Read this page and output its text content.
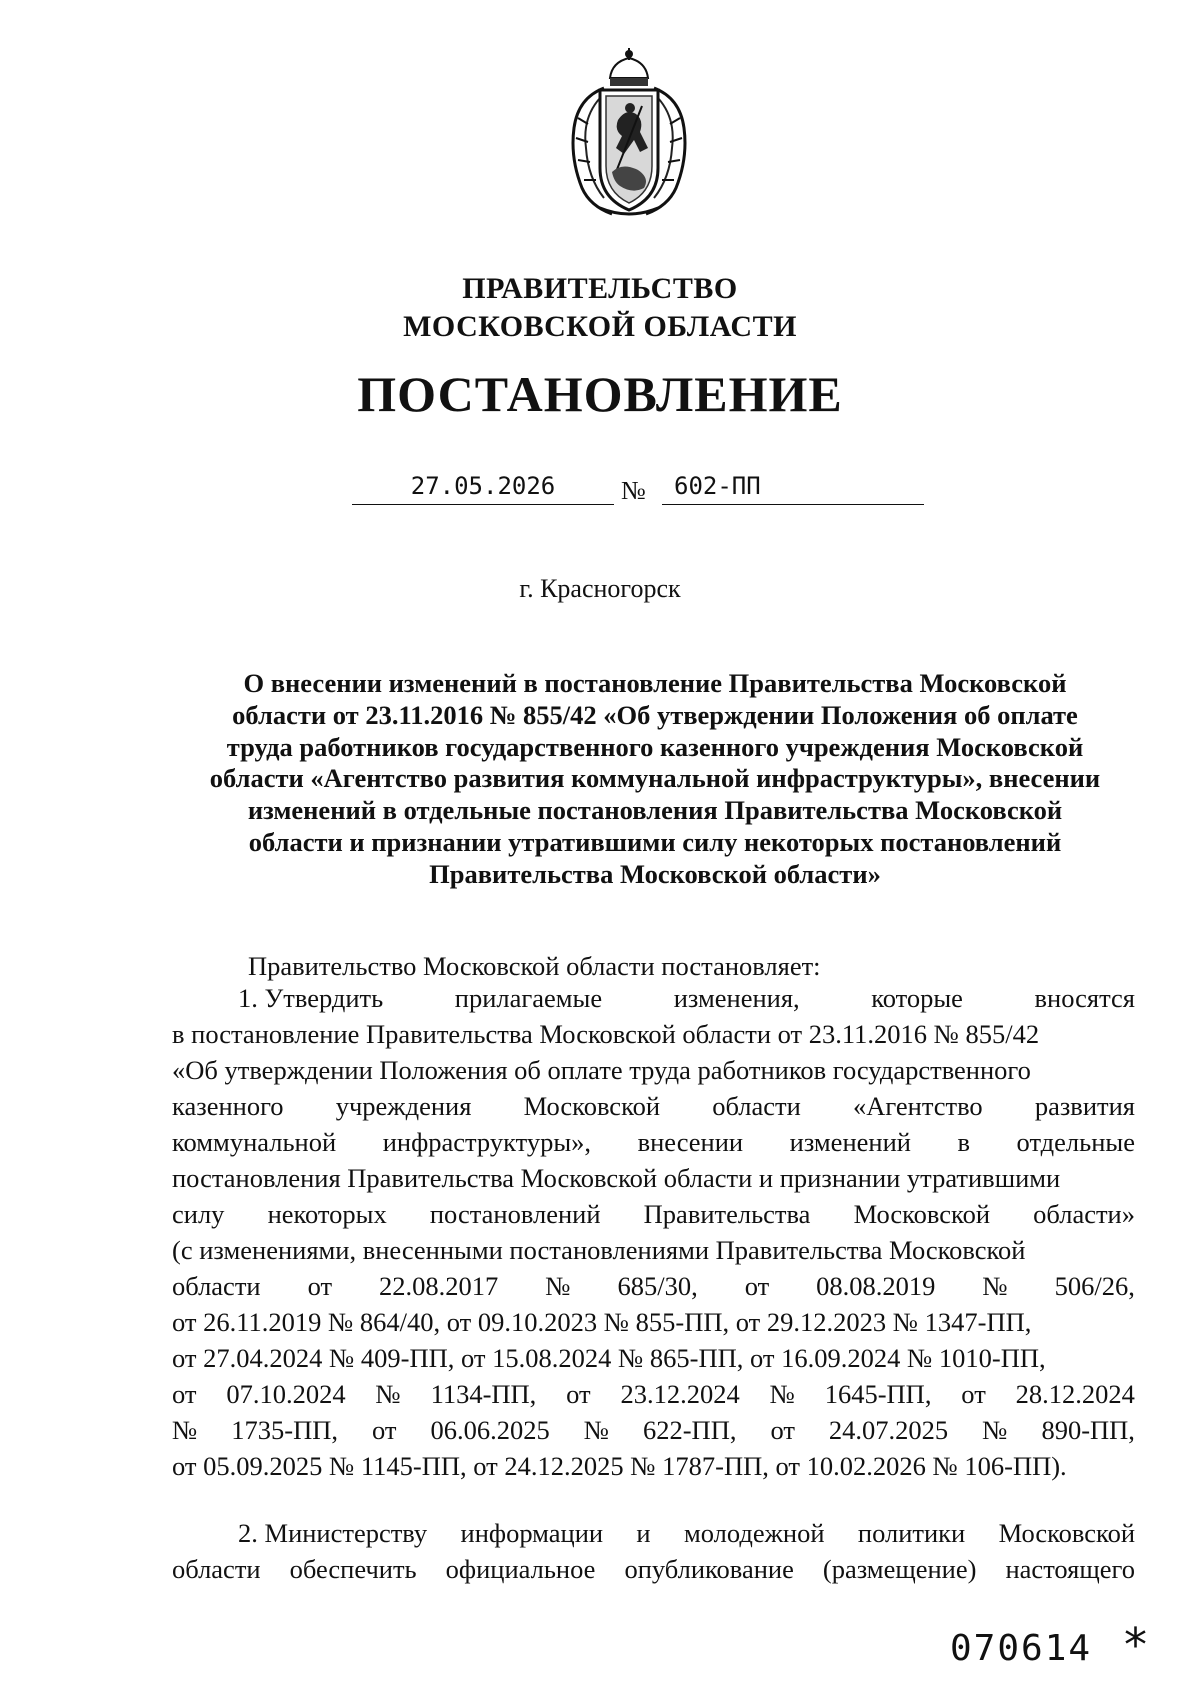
ПРАВИТЕЛЬСТВО
МОСКОВСКОЙ ОБЛАСТИ
ПОСТАНОВЛЕНИЕ
27.05.2026	№ 602-ПП
г. Красногорск
О внесении изменений в постановление Правительства Московской
области от 23.11.2016 № 855/42 «Об утверждении Положения об оплате
труда работников государственного казенного учреждения Московской
области «Агентство развития коммунальной инфраструктуры», внесении
изменений в отдельные постановления Правительства Московской
области и признании утратившими силу некоторых постановлений
Правительства Московской области»
Правительство Московской области постановляет:
1. Утвердить	прилагаемые	изменения,	которые	вносятся
в постановление Правительства Московской области от 23.11.2016 № 855/42
«Об утверждении Положения об оплате труда работников государственного
казенного учреждения Московской области «Агентство развития
коммунальной инфраструктуры», внесении изменений в отдельные
постановления Правительства Московской области и признании утратившими
силу некоторых постановлений Правительства Московской области»
(с изменениями, внесенными постановлениями Правительства Московской
области от 22.08.2017 № 685/30, от 08.08.2019 № 506/26,
от 26.11.2019 № 864/40, от 09.10.2023 № 855-ПП, от 29.12.2023 № 1347-ПП,
от 27.04.2024 № 409-ПП, от 15.08.2024 № 865-ПП, от 16.09.2024 № 1010-ПП,
от 07.10.2024 № 1134-ПП, от 23.12.2024 № 1645-ПП, от 28.12.2024
№ 1735-ПП, от 06.06.2025 № 622-ПП, от 24.07.2025 № 890-ПП,
от 05.09.2025 № 1145-ПП, от 24.12.2025 № 1787-ПП, от 10.02.2026 № 106-ПП).
2. Министерству информации и молодежной политики Московской
области обеспечить официальное опубликование (размещение) настоящего
070614 *
